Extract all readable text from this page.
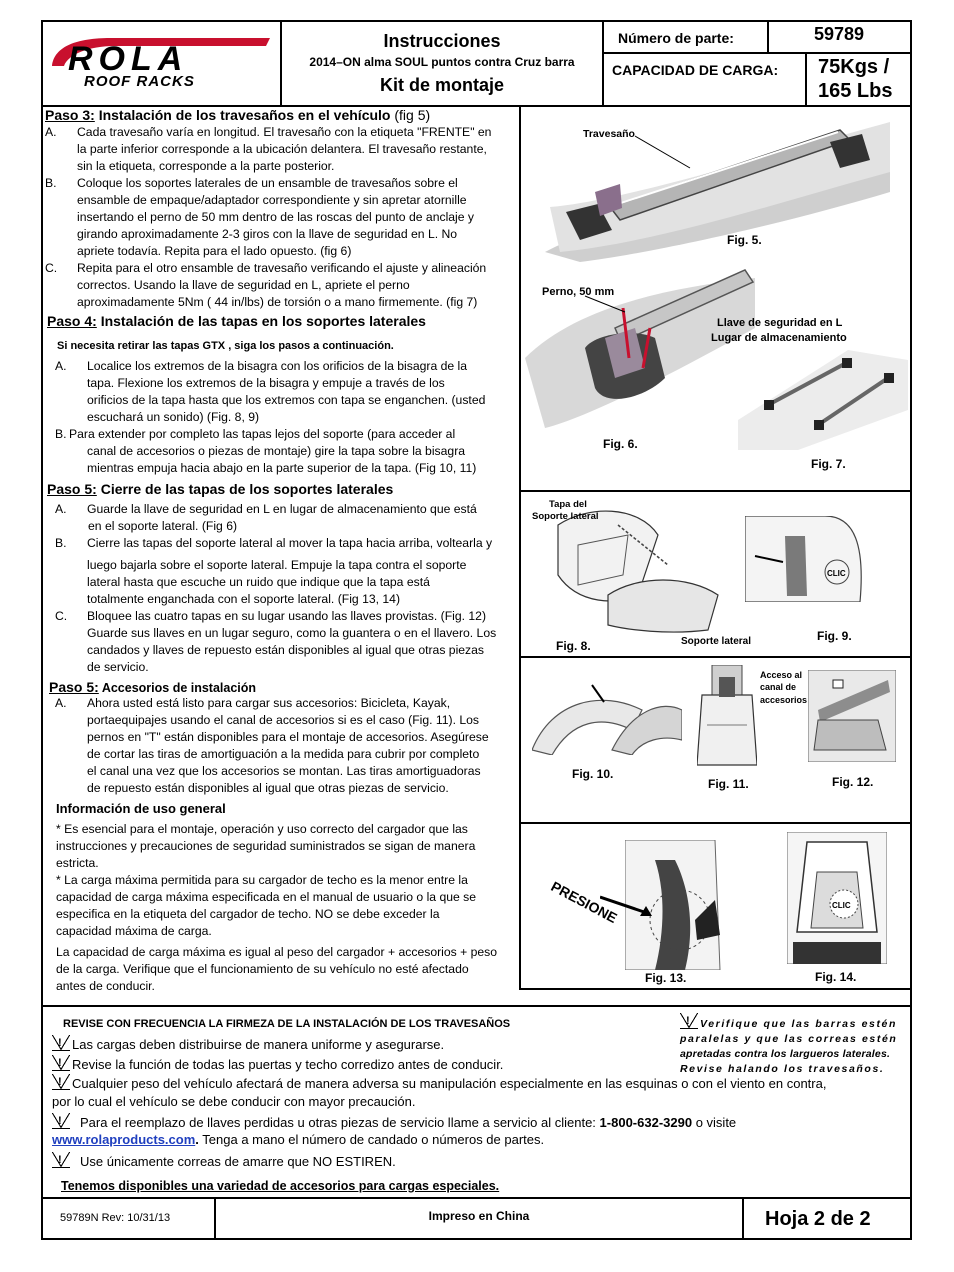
ROLA
ROOF RACKS
Instrucciones
2014–ON alma SOUL puntos contra Cruz barra
Kit de montaje
Número de parte:	59789
CAPACIDAD DE CARGA: 75Kgs /
165 Lbs
Paso 3: Instalación de los travesaños en el vehículo (fig 5)
A. Cada travesaño varía en longitud. El travesaño con la etiqueta "FRENTE" en
la parte inferior corresponde a la ubicación delantera. El travesaño restante,
sin la etiqueta, corresponde a la parte posterior.
B. Coloque los soportes laterales de un ensamble de travesaños sobre el
ensamble de empaque/adaptador correspondiente y sin apretar atornille
insertando el perno de 50 mm dentro de las roscas del punto de anclaje y
girando aproximadamente 2-3 giros con la llave de seguridad en L. No
apriete todavía. Repita para el lado opuesto. (fig 6)
C. Repita para el otro ensamble de travesaño verificando el ajuste y alineación
correctos. Usando la llave de seguridad en L, apriete el perno
aproximadamente 5Nm ( 44 in/lbs) de torsión o a mano firmemente. (fig 7)
Paso 4: Instalación de las tapas en los soportes laterales
Si necesita retirar las tapas GTX , siga los pasos a continuación.
A. Localice los extremos de la bisagra con los orificios de la bisagra de la
tapa. Flexione los extremos de la bisagra y empuje a través de los
orificios de la tapa hasta que los extremos con tapa se enganchen. (usted
escuchará un sonido) (Fig. 8, 9)
B. Para extender por completo las tapas lejos del soporte (para acceder al
canal de accesorios o piezas de montaje) gire la tapa sobre la bisagra
mientras empuja hacia abajo en la parte superior de la tapa. (Fig 10, 11)
Paso 5: Cierre de las tapas de los soportes laterales
A. Guarde la llave de seguridad en L en lugar de almacenamiento que está
en el soporte lateral. (Fig 6)
B. Cierre las tapas del soporte lateral al mover la tapa hacia arriba, voltearla y
luego bajarla sobre el soporte lateral. Empuje la tapa contra el soporte
lateral hasta que escuche un ruido que indique que la tapa está
totalmente enganchada con el soporte lateral. (Fig 13, 14)
C. Bloquee las cuatro tapas en su lugar usando las llaves provistas. (Fig. 12)
Guarde sus llaves en un lugar seguro, como la guantera o en el llavero. Los
candados y llaves de repuesto están disponibles al igual que otras piezas
de servicio.
Paso 5: Accesorios de instalación
A. Ahora usted está listo para cargar sus accesorios: Bicicleta, Kayak,
portaequipajes usando el canal de accesorios si es el caso (Fig. 11). Los
pernos en "T" están disponibles para el montaje de accesorios. Asegúrese
de cortar las tiras de amortiguación a la medida para cubrir por completo
el canal una vez que los accesorios se montan. Las tiras amortiguadoras
de repuesto están disponibles al igual que otras piezas de servicio.
Información de uso general
* Es esencial para el montaje, operación y uso correcto del cargador que las
instrucciones y precauciones de seguridad suministrados se sigan de manera
estricta.
* La carga máxima permitida para su cargador de techo es la menor entre la
capacidad de carga máxima especificada en el manual de usuario o la que se
especifica en la etiqueta del cargador de techo. NO se debe exceder la
capacidad máxima de carga.
La capacidad de carga máxima es igual al peso del cargador + accesorios + peso
de la carga. Verifique que el funcionamiento de su vehículo no esté afectado
antes de conducir.
Travesaño
Fig. 5.
Perno, 50 mm
Llave de seguridad en L
Lugar de almacenamiento
Fig. 6.
Fig. 7.
Tapa del
Soporte lateral
Soporte lateral
Fig. 8.
CLIC
Fig. 9.
Fig. 10.
Acceso al
canal de
accesorios
Fig. 11.	Fig. 12.
PRESIONE
Fig. 13.
CLIC
Fig. 14.
REVISE CON FRECUENCIA LA FIRMEZA DE LA INSTALACIÓN DE LOS TRAVESAÑOS
!	Verifique que las barras estén
paralelas y que las correas estén
apretadas contra los largueros laterales.
Revise halando los travesaños.
!Las cargas deben distribuirse de manera uniforme y asegurarse.
!Revise la función de todas las puertas y techo corredizo antes de conducir.
!Cualquier peso del vehículo afectará de manera adversa su manipulación especialmente en las esquinas o con el viento en contra,
por lo cual el vehículo se debe conducir con mayor precaución.
!Para el reemplazo de llaves perdidas u otras piezas de servicio llame a servicio al cliente: 1-800-632-3290 o visite
www.rolaproducts.com. Tenga a mano el número de candado o números de partes.
!Use únicamente correas de amarre que NO ESTIREN.
Tenemos disponibles una variedad de accesorios para cargas especiales.
59789N Rev: 10/31/13	Impreso en China	Hoja 2 de 2
